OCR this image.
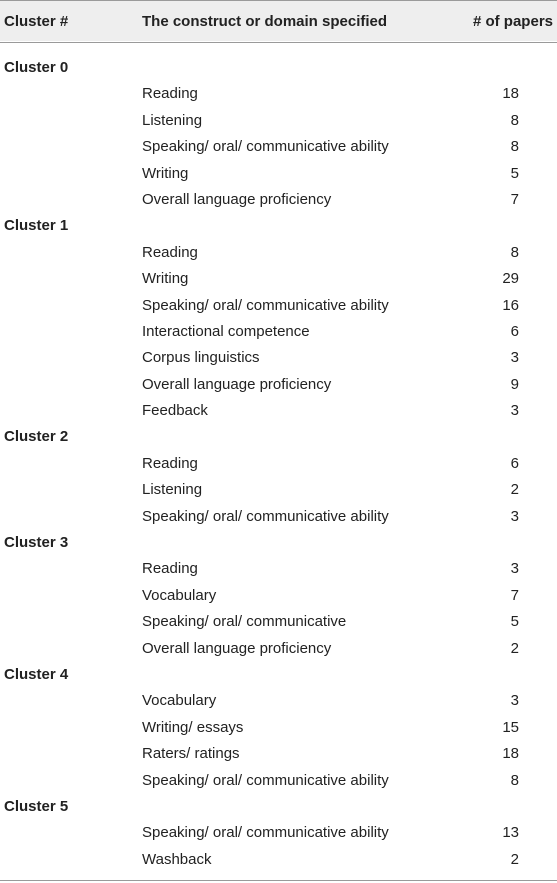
Cluster #	The construct or domain specified	# of papers
Cluster 0
Reading	18
Listening	8
Speaking/ oral/ communicative ability	8
Writing	5
Overall language proficiency	7
Cluster 1
Reading	8
Writing	29
Speaking/ oral/ communicative ability	16
Interactional competence	6
Corpus linguistics	3
Overall language proficiency	9
Feedback	3
Cluster 2
Reading	6
Listening	2
Speaking/ oral/ communicative ability	3
Cluster 3
Reading	3
Vocabulary	7
Speaking/ oral/ communicative	5
Overall language proficiency	2
Cluster 4
Vocabulary	3
Writing/ essays	15
Raters/ ratings	18
Speaking/ oral/ communicative ability	8
Cluster 5
Speaking/ oral/ communicative ability	13
Washback	2
